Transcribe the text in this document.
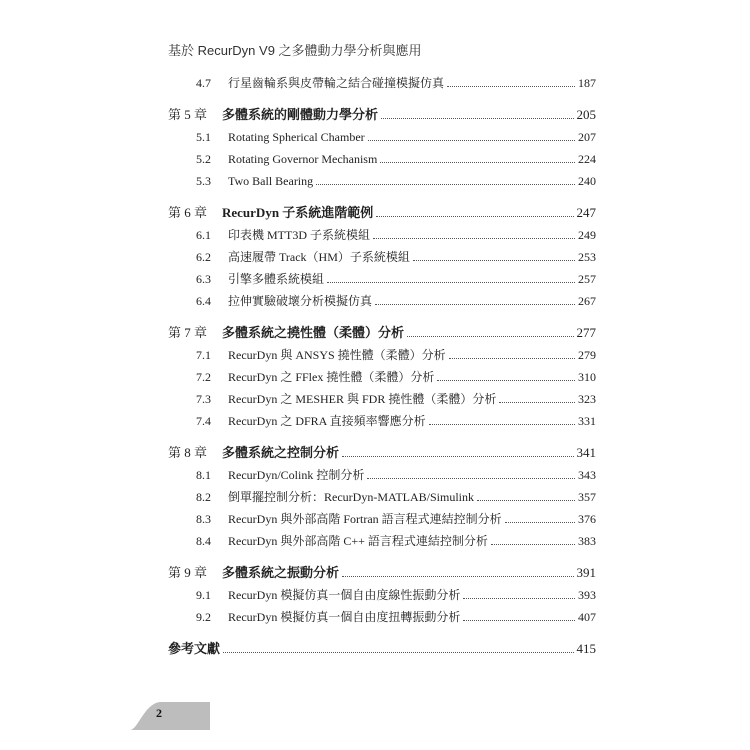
基於 RecurDyn V9 之多體動力學分析與應用
4.7	行星齒輪系與皮帶輪之結合碰撞模擬仿真	187
第 5 章	多體系統的剛體動力學分析	205
5.1	Rotating Spherical Chamber	207
5.2	Rotating Governor Mechanism	224
5.3	Two Ball Bearing	240
第 6 章	RecurDyn 子系統進階範例	247
6.1	印表機 MTT3D 子系統模組	249
6.2	高速履帶 Track（HM）子系統模組	253
6.3	引擎多體系統模組	257
6.4	拉伸實驗破壞分析模擬仿真	267
第 7 章	多體系統之撓性體（柔體）分析	277
7.1	RecurDyn 與 ANSYS 撓性體（柔體）分析	279
7.2	RecurDyn 之 FFlex 撓性體（柔體）分析	310
7.3	RecurDyn 之 MESHER 與 FDR 撓性體（柔體）分析	323
7.4	RecurDyn 之 DFRA 直接頻率響應分析	331
第 8 章	多體系統之控制分析	341
8.1	RecurDyn/Colink 控制分析	343
8.2	倒單擺控制分析：RecurDyn-MATLAB/Simulink	357
8.3	RecurDyn 與外部高階 Fortran 語言程式連結控制分析	376
8.4	RecurDyn 與外部高階 C++ 語言程式連結控制分析	383
第 9 章	多體系統之振動分析	391
9.1	RecurDyn 模擬仿真一個自由度線性振動分析	393
9.2	RecurDyn 模擬仿真一個自由度扭轉振動分析	407
參考文獻	415
2
